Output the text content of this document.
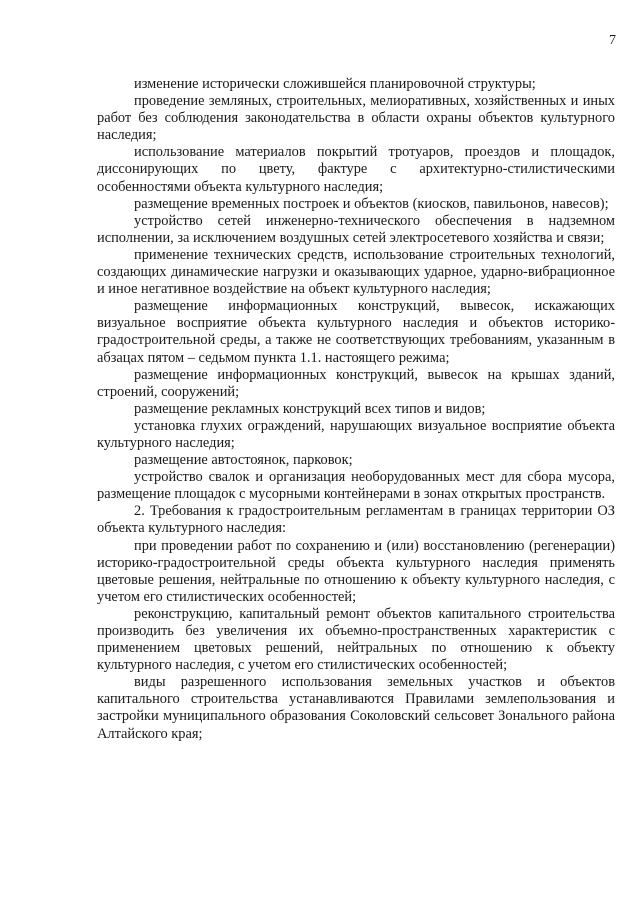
7

изменение исторически сложившейся планировочной структуры;

проведение земляных, строительных, мелиоративных, хозяйственных и иных работ без соблюдения законодательства в области охраны объектов культурного наследия;

использование материалов покрытий тротуаров, проездов и площадок, диссонирующих по цвету, фактуре с архитектурно-стилистическими особенностями объекта культурного наследия;

размещение временных построек и объектов (киосков, павильонов, навесов);

устройство сетей инженерно-технического обеспечения в надземном исполнении, за исключением воздушных сетей электросетевого хозяйства и связи;

применение технических средств, использование строительных технологий, создающих динамические нагрузки и оказывающих ударное, ударно-вибрационное и иное негативное воздействие на объект культурного наследия;

размещение информационных конструкций, вывесок, искажающих визуальное восприятие объекта культурного наследия и объектов историко-градостроительной среды, а также не соответствующих требованиям, указанным в абзацах пятом – седьмом пункта 1.1. настоящего режима;

размещение информационных конструкций, вывесок на крышах зданий, строений, сооружений;

размещение рекламных конструкций всех типов и видов;

установка глухих ограждений, нарушающих визуальное восприятие объекта культурного наследия;

размещение автостоянок, парковок;

устройство свалок и организация необорудованных мест для сбора мусора, размещение площадок с мусорными контейнерами в зонах открытых пространств.

2. Требования к градостроительным регламентам в границах территории ОЗ объекта культурного наследия:

при проведении работ по сохранению и (или) восстановлению (регенерации) историко-градостроительной среды объекта культурного наследия применять цветовые решения, нейтральные по отношению к объекту культурного наследия, с учетом его стилистических особенностей;

реконструкцию, капитальный ремонт объектов капитального строительства производить без увеличения их объемно-пространственных характеристик с применением цветовых решений, нейтральных по отношению к объекту культурного наследия, с учетом его стилистических особенностей;

виды разрешенного использования земельных участков и объектов капитального строительства устанавливаются Правилами землепользования и застройки муниципального образования Соколовский сельсовет Зонального района Алтайского края;
